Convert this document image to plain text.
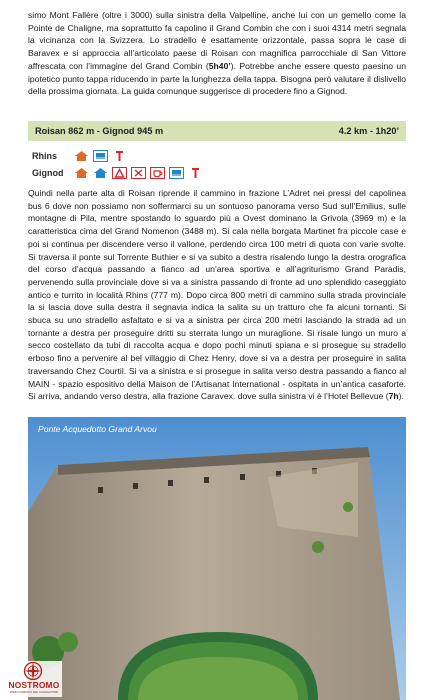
simo Mont Fallère (oltre i 3000) sulla sinistra della Valpelline, anche lui con un gemello come la Pointe de Chaligne, ma soprattutto fa capolino il Grand Combin che con i suoi 4314 metri segnala la vicinanza con la Svizzera. Lo stradello è esattamente orizzontale, passa sopra le case di Baravex e si approccia all’articolato paese di Roisan con magnifica parrocchiale di San Vittore affrescata con l’immagine del Grand Combin (5h40’). Potrebbe anche essere questo paesino un ipotetico punto tappa riducendo in parte la lunghezza della tappa. Bisogna però valutare il dislivello della prossima giornata. La guida comunque suggerisce di procedere fino a Gignod.

Roisan 862 m - Gignod 945 m	4.2 km - 1h20’
Rhins
Gignod

Quindi nella parte alta di Roisan riprende il cammino in frazione L’Adret nei pressi del capolinea bus 6 dove non possiamo non soffermarci su un sontuoso panorama verso Sud sull’Emilius, sulle montagne di Pila, mentre spostando lo sguardo più a Ovest dominano la Grivola (3969 m) e la caratteristica cima del Grand Nomenon (3488 m). Si cala nella borgata Martinet fra piccole case e poi si continua per discendere verso il vallone, perdendo circa 100 metri di quota con varie svolte. Si traversa il ponte sul Torrente Buthier e si va subito a destra risalendo lungo la destra orografica del corso d’acqua passando a fianco ad un’area sportiva e all’agriturismo Grand Paradis, pervenendo sulla provinciale dove si va a sinistra passando di fronte ad uno splendido caseggiato antico e turrito in località Rhins (777 m). Dopo circa 800 metri di cammino sulla strada provinciale la si lascia dove sulla destra il segnavia indica la salita su un tratturo che fa alcuni tornanti. Si sbuca su uno stradello asfaltato e si va a sinistra per circa 200 metri lasciando la strada ad un tornante a destra per proseguire dritti su sterrata lungo un muraglione. Si risale lungo un muro a secco costellato da tubi di raccolta acqua e dopo pochi minuti spiana e si prosegue su stradello erboso fino a pervenire al bel villaggio di Chez Henry, dove si va a destra per proseguire in salita traversando Chez Courtil. Si va a sinistra e si prosegue in salita verso destra passando a fianco al MAIN - spazio espositivo della Maison de l’Artisanat International - ospitata in un’antica casaforte. Si arriva, andando verso destra, alla frazione Caravex. dove sulla sinistra vi è l’Hotel Bellevue (7h).

Ponte Acquedotto Grand Arvou
NOSTROMO
WEB COMPANY DEI VIAGGIATORI
